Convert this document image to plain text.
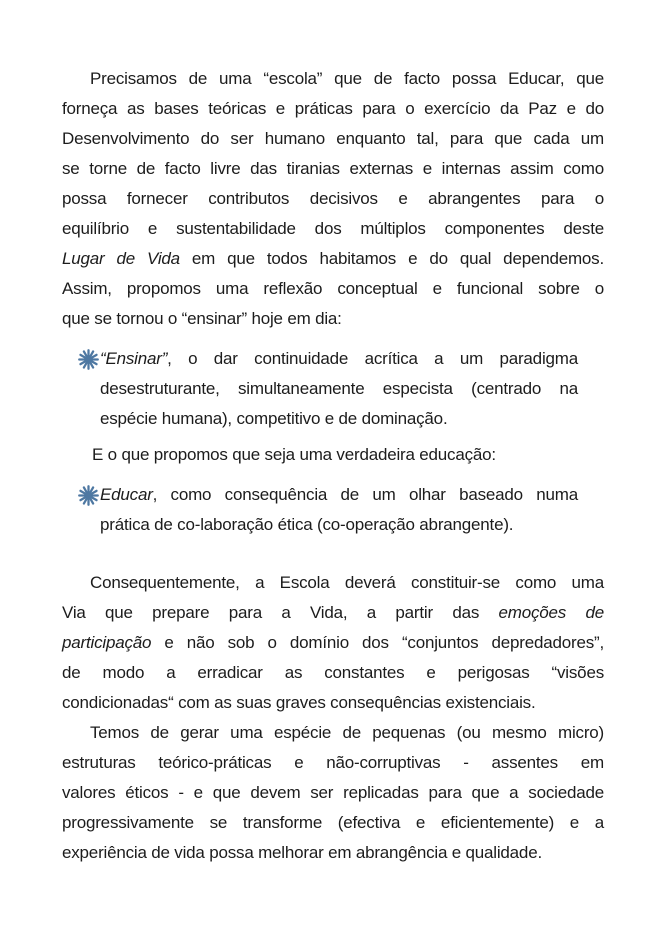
Precisamos de uma “escola” que de facto possa Educar, que
forneça as bases teóricas e práticas para o exercício da Paz e do
Desenvolvimento do ser humano enquanto tal, para que cada um
se torne de facto livre das tiranias externas e internas assim como
possa fornecer contributos decisivos e abrangentes para o
equilíbrio e sustentabilidade dos múltiplos componentes deste
Lugar de Vida em que todos habitamos e do qual dependemos.
Assim, propomos uma reflexão conceptual e funcional sobre o
que se tornou o “ensinar” hoje em dia:
“Ensinar”, o dar continuidade acrítica a um paradigma
desestruturante, simultaneamente especista (centrado na
espécie humana), competitivo e de dominação.
E o que propomos que seja uma verdadeira educação:
Educar, como consequência de um olhar baseado numa
prática de co-laboração ética (co-operação abrangente).
Consequentemente, a Escola deverá constituir-se como uma
Via que prepare para a Vida, a partir das emoções de
participação e não sob o domínio dos “conjuntos depredadores”,
de modo a erradicar as constantes e perigosas “visões
condicionadas“ com as suas graves consequências existenciais.
Temos de gerar uma espécie de pequenas (ou mesmo micro)
estruturas teórico-práticas e não-corruptivas - assentes em
valores éticos - e que devem ser replicadas para que a sociedade
progressivamente se transforme (efectiva e eficientemente) e a
experiência de vida possa melhorar em abrangência e qualidade.
